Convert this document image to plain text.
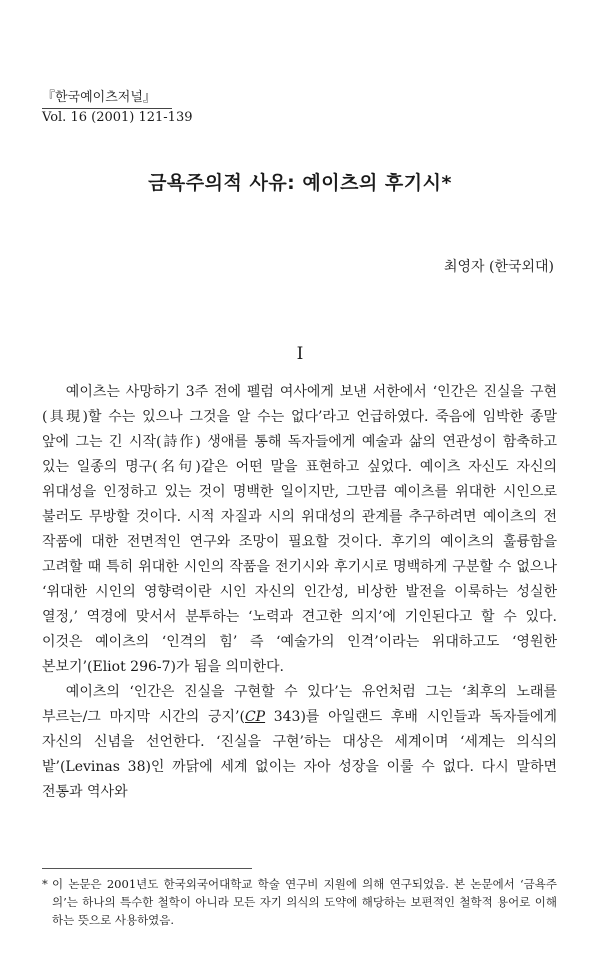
『한국예이츠저널』
Vol. 16 (2001) 121-139
금욕주의적 사유: 예이츠의 후기시*
최영자 (한국외대)
I

예이츠는 사망하기 3주 전에 펠럼 여사에게 보낸 서한에서 ‘인간은 진실을 구현(具現)할 수는 있으나 그것을 알 수는 없다’라고 언급하였다. 죽음에 임박한 종말 앞에 그는 긴 시작(詩作) 생애를 통해 독자들에게 예술과 삶의 연관성이 함축하고 있는 일종의 명구(名句)같은 어떤 말을 표현하고 싶었다. 예이츠 자신도 자신의 위대성을 인정하고 있는 것이 명백한 일이지만, 그만큼 예이츠를 위대한 시인으로 불러도 무방할 것이다. 시적 자질과 시의 위대성의 관계를 추구하려면 예이츠의 전 작품에 대한 전면적인 연구와 조망이 필요할 것이다. 후기의 예이츠의 훌륭함을 고려할 때 특히 위대한 시인의 작품을 전기시와 후기시로 명백하게 구분할 수 없으나 ‘위대한 시인의 영향력이란 시인 자신의 인간성, 비상한 발전을 이룩하는 성실한 열정,’ 역경에 맞서서 분투하는 ‘노력과 견고한 의지’에 기인된다고 할 수 있다. 이것은 예이츠의 ‘인격의 힘’ 즉 ‘예술가의 인격’이라는 위대하고도 ‘영원한 본보기’(Eliot 296-7)가 됨을 의미한다.

예이츠의 ‘인간은 진실을 구현할 수 있다’는 유언처럼 그는 ‘최후의 노래를 부르는/그 마지막 시간의 긍지’(CP 343)를 아일랜드 후배 시인들과 독자들에게 자신의 신념을 선언한다. ‘진실을 구현’하는 대상은 세계이며 ‘세계는 의식의 밭’(Levinas 38)인 까닭에 세계 없이는 자아 성장을 이룰 수 없다. 다시 말하면 전통과 역사와

* 이 논문은 2001년도 한국외국어대학교 학술 연구비 지원에 의해 연구되었음. 본 논문에서 ‘금욕주의’는 하나의 특수한 철학이 아니라 모든 자기 의식의 도약에 해당하는 보편적인 철학적 용어로 이해하는 뜻으로 사용하였음.
